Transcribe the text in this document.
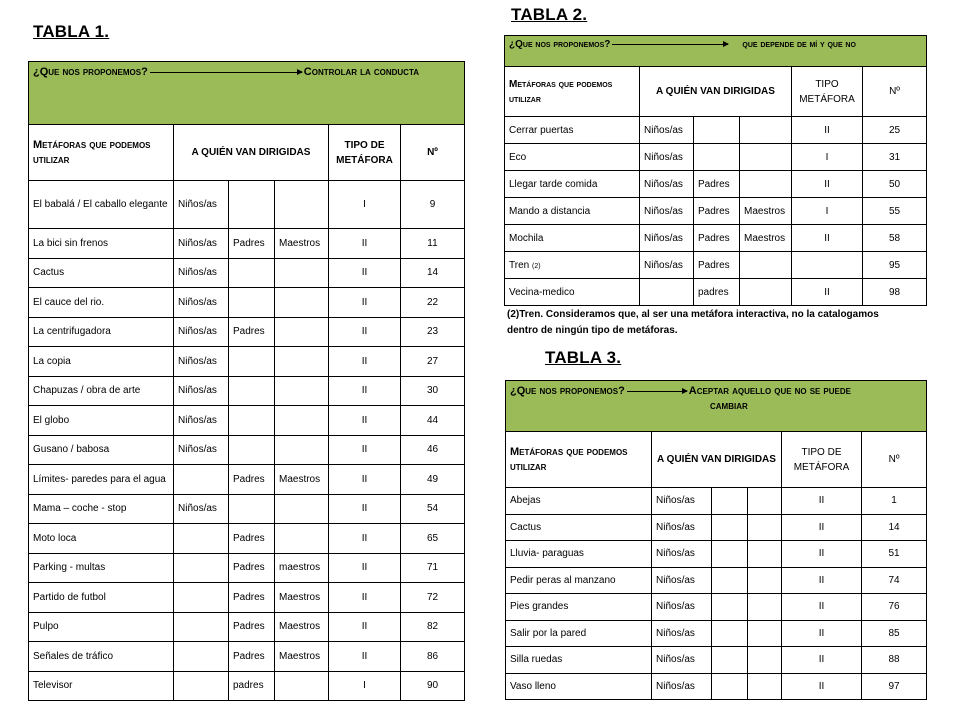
TABLA 1.
¿Que nos proponemos? Controlar la conducta					

Metáforas que podemos utilizar	A QUIÉN VAN DIRIGIDAS			TIPO DE METÁFORA	Nº
El babalá / El caballo elegante	Niños/as			I	9
La bici sin frenos	Niños/as	Padres	Maestros	II	11
Cactus	Niños/as			II	14
El cauce del rio.	Niños/as			II	22
La centrifugadora	Niños/as	Padres		II	23
La copia	Niños/as			II	27
Chapuzas / obra de arte	Niños/as			II	30
El globo	Niños/as			II	44
Gusano / babosa	Niños/as			II	46
Límites- paredes para el agua		Padres	Maestros	II	49
Mama – coche - stop	Niños/as			II	54
Moto loca		Padres		II	65
Parking - multas		Padres	maestros	II	71
Partido de futbol		Padres	Maestros	II	72
Pulpo		Padres	Maestros	II	82
Señales de tráfico		Padres	Maestros	II	86
Televisor		padres		I	90
TABLA 2.
¿Que nos proponemos? que depende de mí y que no					

Metáforas que podemos utilizar	A QUIÉN VAN DIRIGIDAS			TIPO METÁFORA	Nº
Cerrar puertas	Niños/as			II	25
Eco	Niños/as			I	31
Llegar tarde comida	Niños/as	Padres		II	50
Mando a distancia	Niños/as	Padres	Maestros	I	55
Mochila	Niños/as	Padres	Maestros	II	58
Tren (2)	Niños/as	Padres			95
Vecina-medico		padres		II	98
(2)Tren. Consideramos que, al ser una metáfora interactiva, no la catalogamos dentro de ningún tipo de metáforas.
TABLA 3.
¿Que nos proponemos? Aceptar aquello que no se puede
cambiar					

Metáforas que podemos utilizar	A QUIÉN VAN DIRIGIDAS			TIPO DE METÁFORA	Nº
Abejas	Niños/as			II	1
Cactus	Niños/as			II	14
Lluvia- paraguas	Niños/as			II	51
Pedir peras al manzano	Niños/as			II	74
Pies grandes	Niños/as			II	76
Salir por la pared	Niños/as			II	85
Silla ruedas	Niños/as			II	88
Vaso lleno	Niños/as			II	97
